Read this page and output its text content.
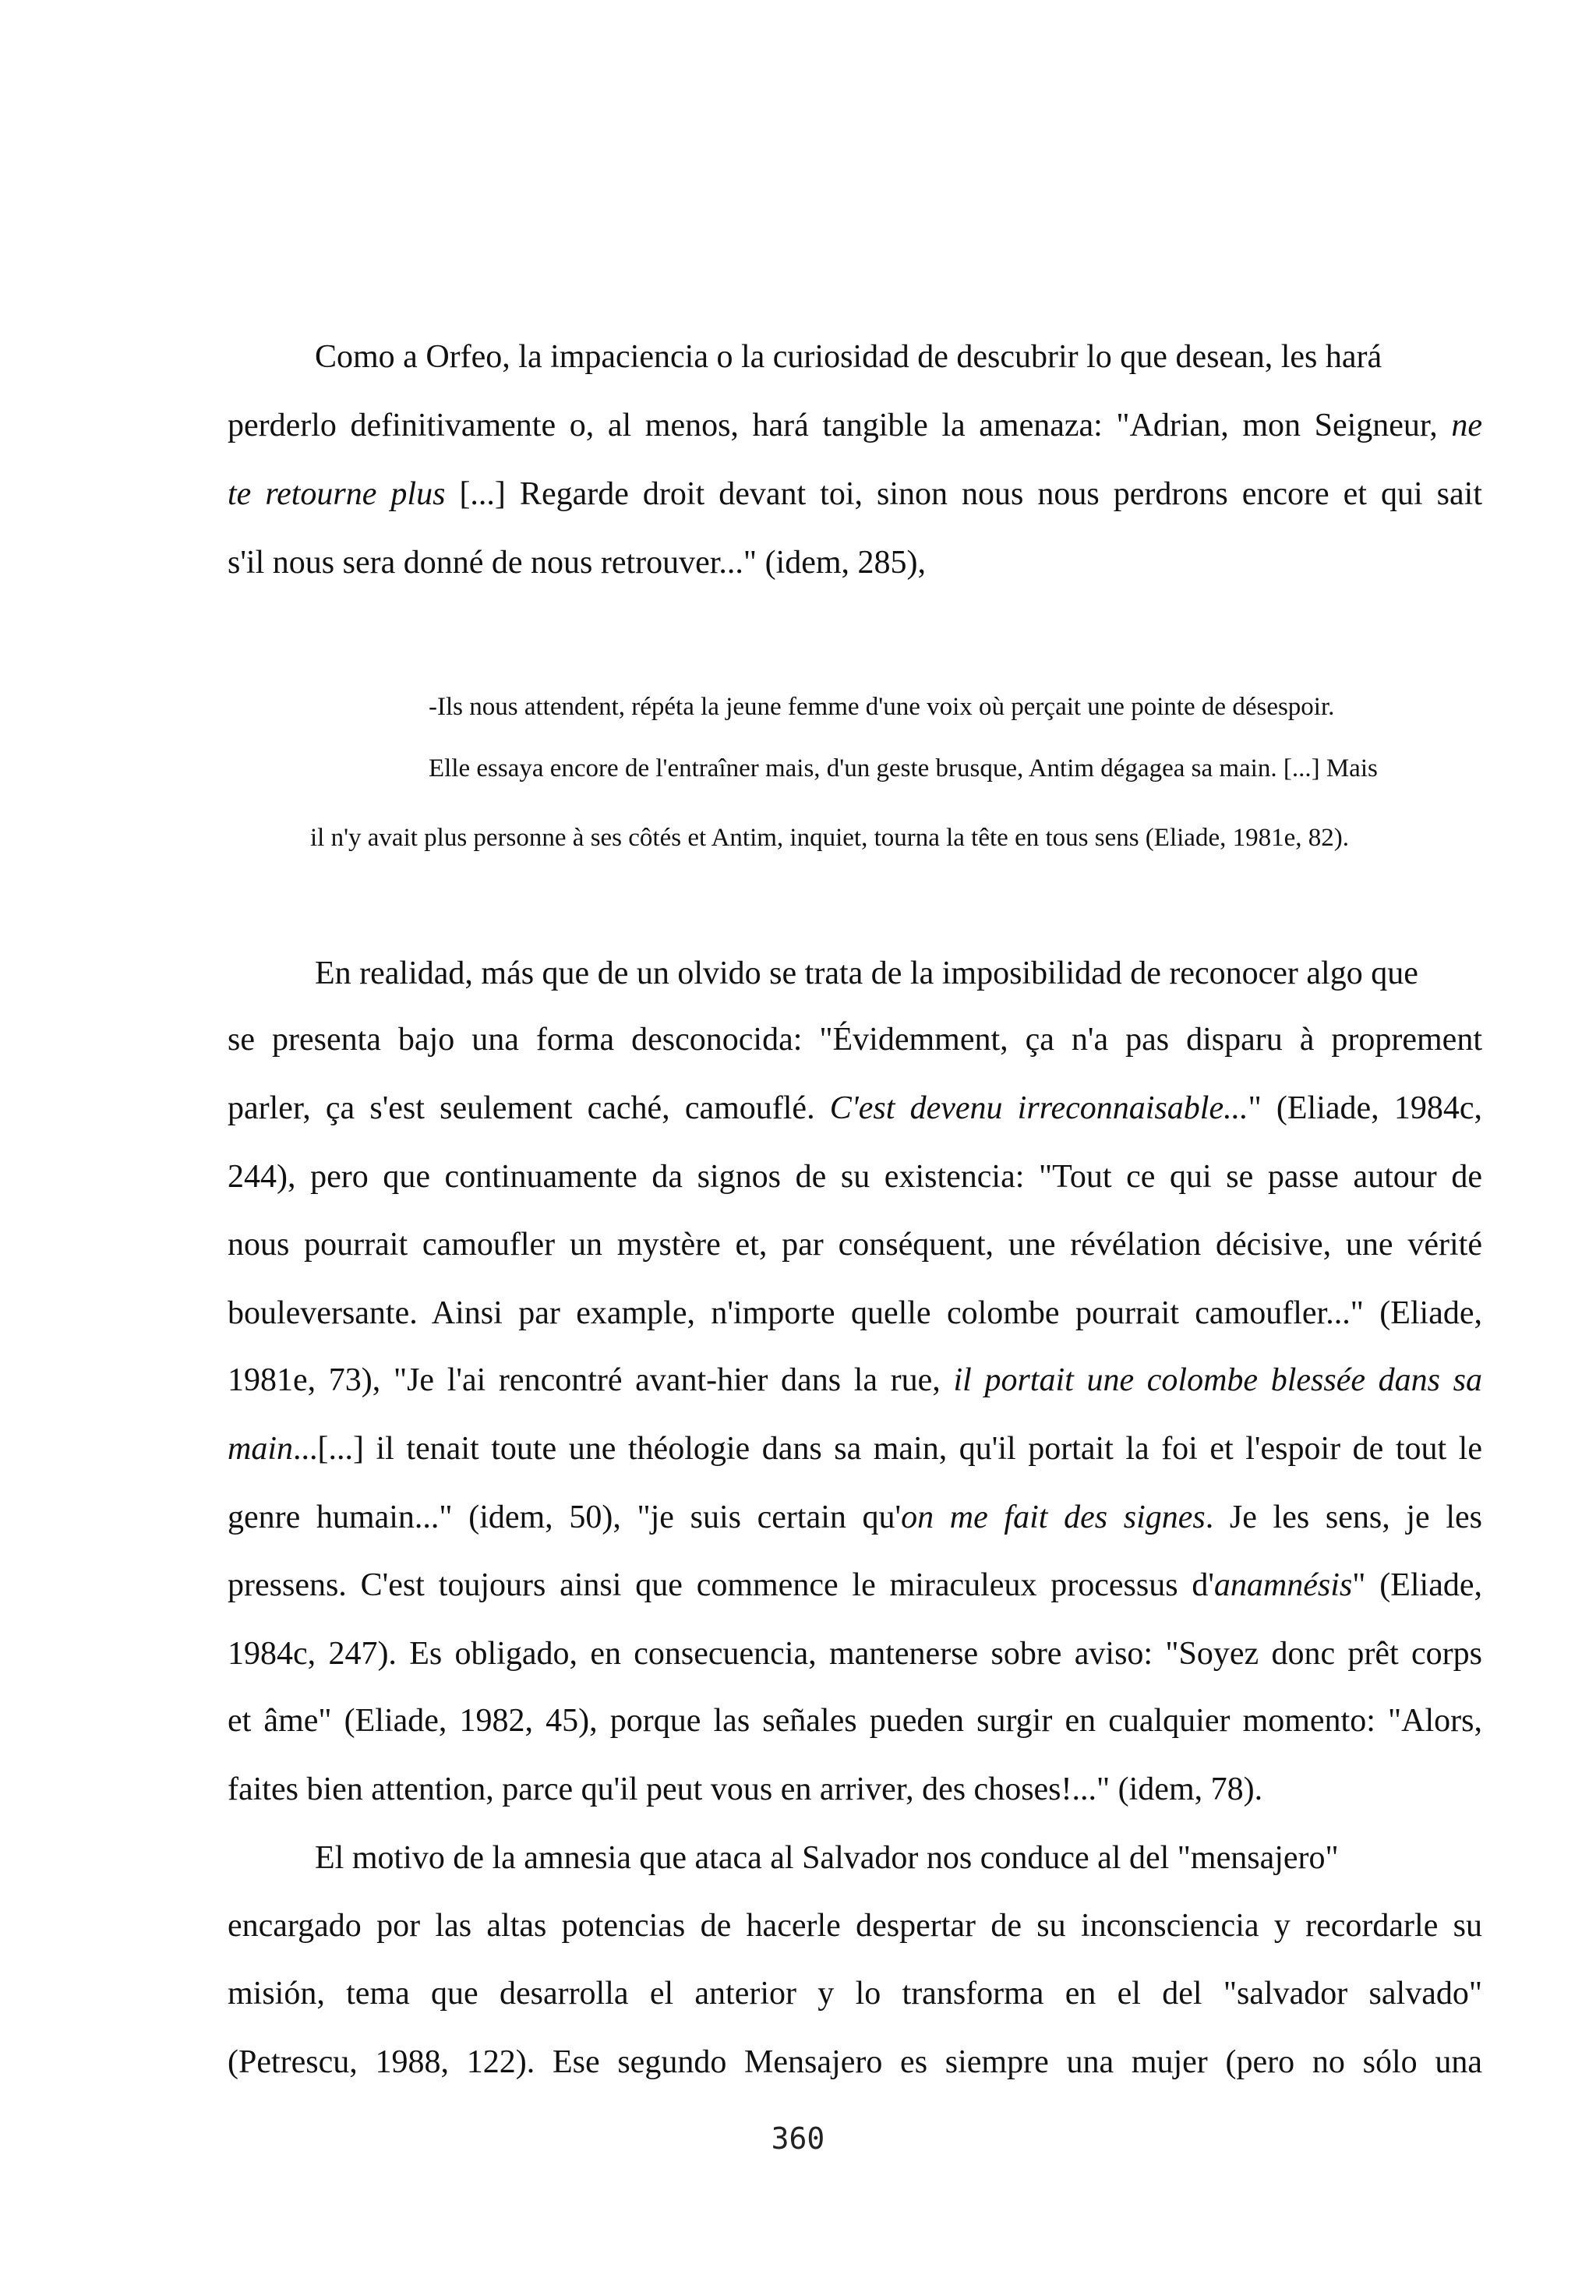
Como a Orfeo, la impaciencia o la curiosidad de descubrir lo que desean, les hará
perderlo definitivamente o, al menos, hará tangible la amenaza: "Adrian, mon Seigneur, ne
te retourne plus [...] Regarde droit devant toi, sinon nous nous perdrons encore et qui sait
s'il nous sera donné de nous retrouver..." (idem, 285),
-Ils nous attendent, répéta la jeune femme d'une voix où perçait une pointe de désespoir.
Elle essaya encore de l'entraîner mais, d'un geste brusque, Antim dégagea sa main. [...] Mais
il n'y avait plus personne à ses côtés et Antim, inquiet, tourna la tête en tous sens (Eliade, 1981e, 82).
En realidad, más que de un olvido se trata de la imposibilidad de reconocer algo que
se presenta bajo una forma desconocida: "Évidemment, ça n'a pas disparu à proprement
parler, ça s'est seulement caché, camouflé. C'est devenu irreconnaisable..." (Eliade, 1984c,
244), pero que continuamente da signos de su existencia: "Tout ce qui se passe autour de
nous pourrait camoufler un mystère et, par conséquent, une révélation décisive, une vérité
bouleversante. Ainsi par example, n'importe quelle colombe pourrait camoufler..." (Eliade,
1981e, 73), "Je l'ai rencontré avant-hier dans la rue, il portait une colombe blessée dans sa
main...[...] il tenait toute une théologie dans sa main, qu'il portait la foi et l'espoir de tout le
genre humain..." (idem, 50), "je suis certain qu'on me fait des signes. Je les sens, je les
pressens. C'est toujours ainsi que commence le miraculeux processus d'anamnésis" (Eliade,
1984c, 247). Es obligado, en consecuencia, mantenerse sobre aviso: "Soyez donc prêt corps
et âme" (Eliade, 1982, 45), porque las señales pueden surgir en cualquier momento: "Alors,
faites bien attention, parce qu'il peut vous en arriver, des choses!..." (idem, 78).
El motivo de la amnesia que ataca al Salvador nos conduce al del "mensajero"
encargado por las altas potencias de hacerle despertar de su inconsciencia y recordarle su
misión, tema que desarrolla el anterior y lo transforma en el del "salvador salvado"
(Petrescu, 1988, 122). Ese segundo Mensajero es siempre una mujer (pero no sólo una
360
